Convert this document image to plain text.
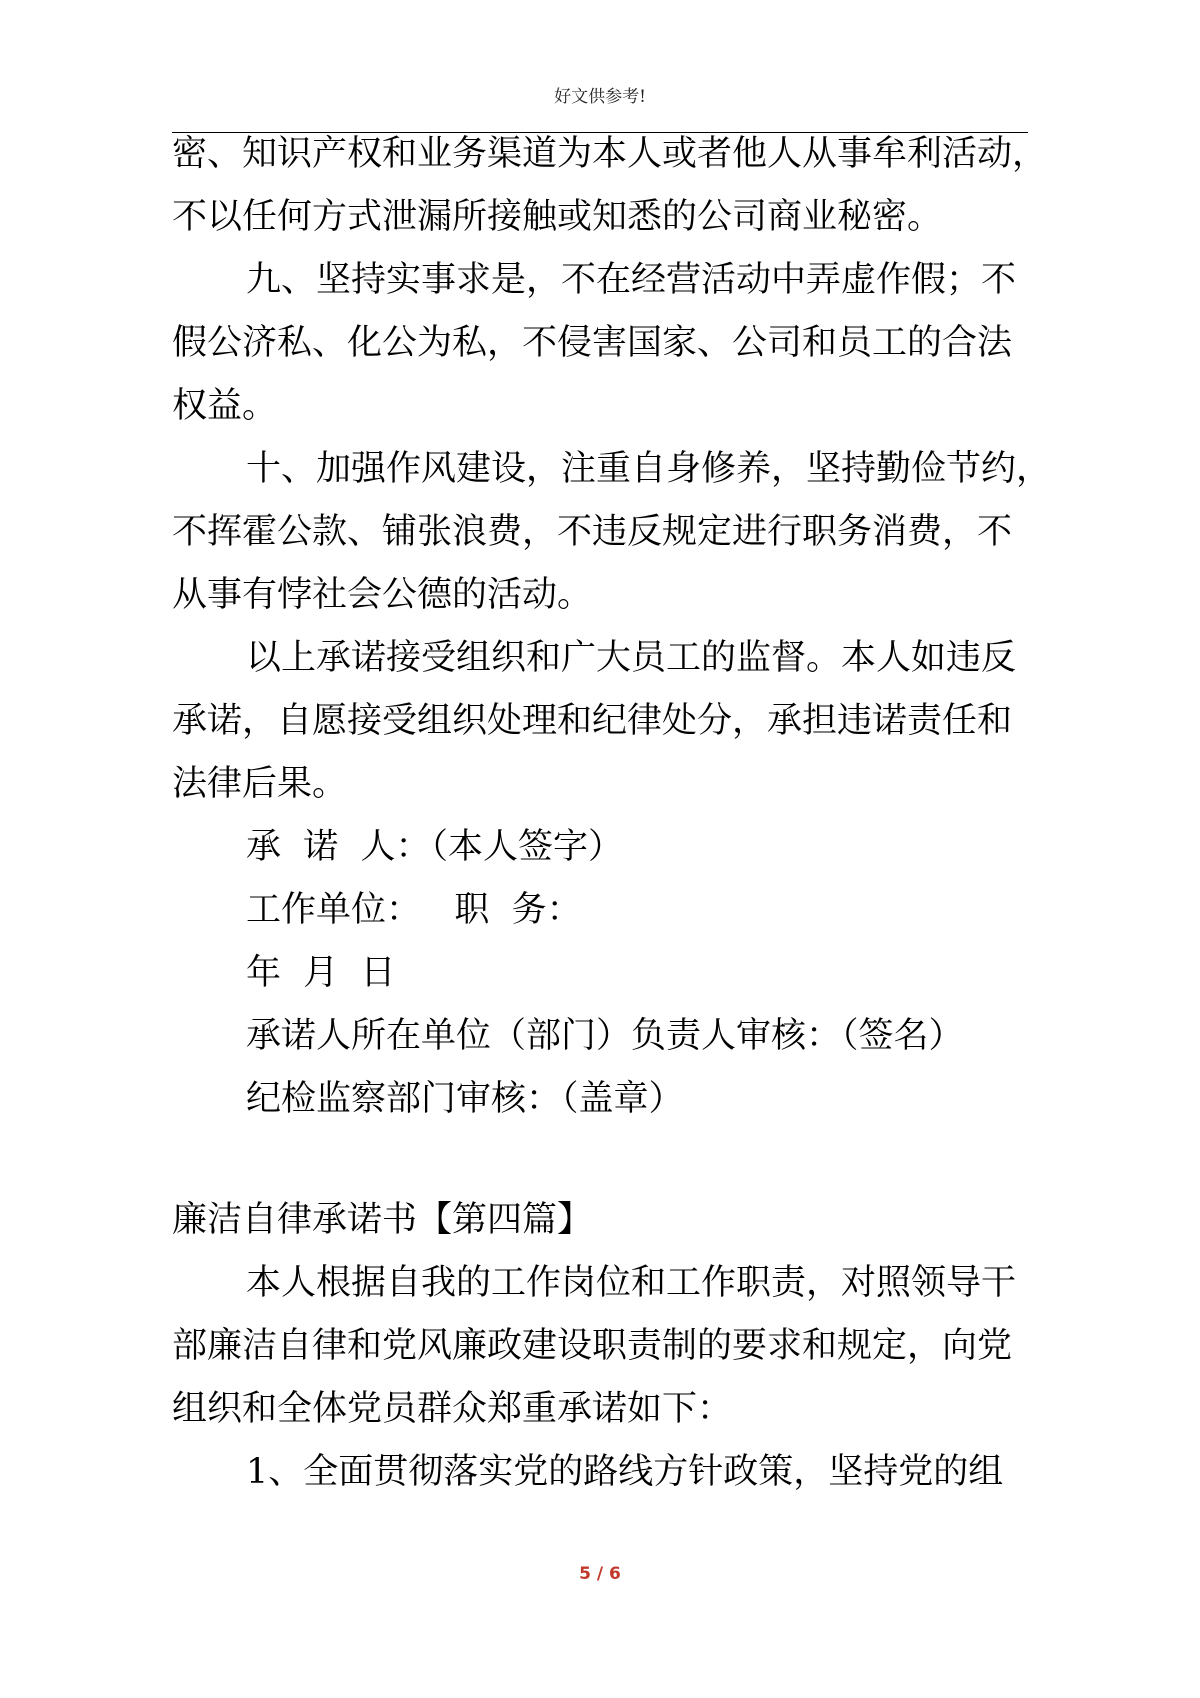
好文供参考!
密、知识产权和业务渠道为本人或者他人从事牟利活动，
不以任何方式泄漏所接触或知悉的公司商业秘密。
九、坚持实事求是，不在经营活动中弄虚作假；不
假公济私、化公为私，不侵害国家、公司和员工的合法
权益。
十、加强作风建设，注重自身修养，坚持勤俭节约，
不挥霍公款、铺张浪费，不违反规定进行职务消费，不
从事有悖社会公德的活动。
以上承诺接受组织和广大员工的监督。本人如违反
承诺，自愿接受组织处理和纪律处分，承担违诺责任和
法律后果。
承  诺  人：（本人签字）
工作单位：   职  务：
年  月  日
承诺人所在单位（部门）负责人审核：（签名）
纪检监察部门审核：（盖章）
廉洁自律承诺书【第四篇】
本人根据自我的工作岗位和工作职责，对照领导干
部廉洁自律和党风廉政建设职责制的要求和规定，向党
组织和全体党员群众郑重承诺如下：
1、全面贯彻落实党的路线方针政策，坚持党的组
5 / 6
